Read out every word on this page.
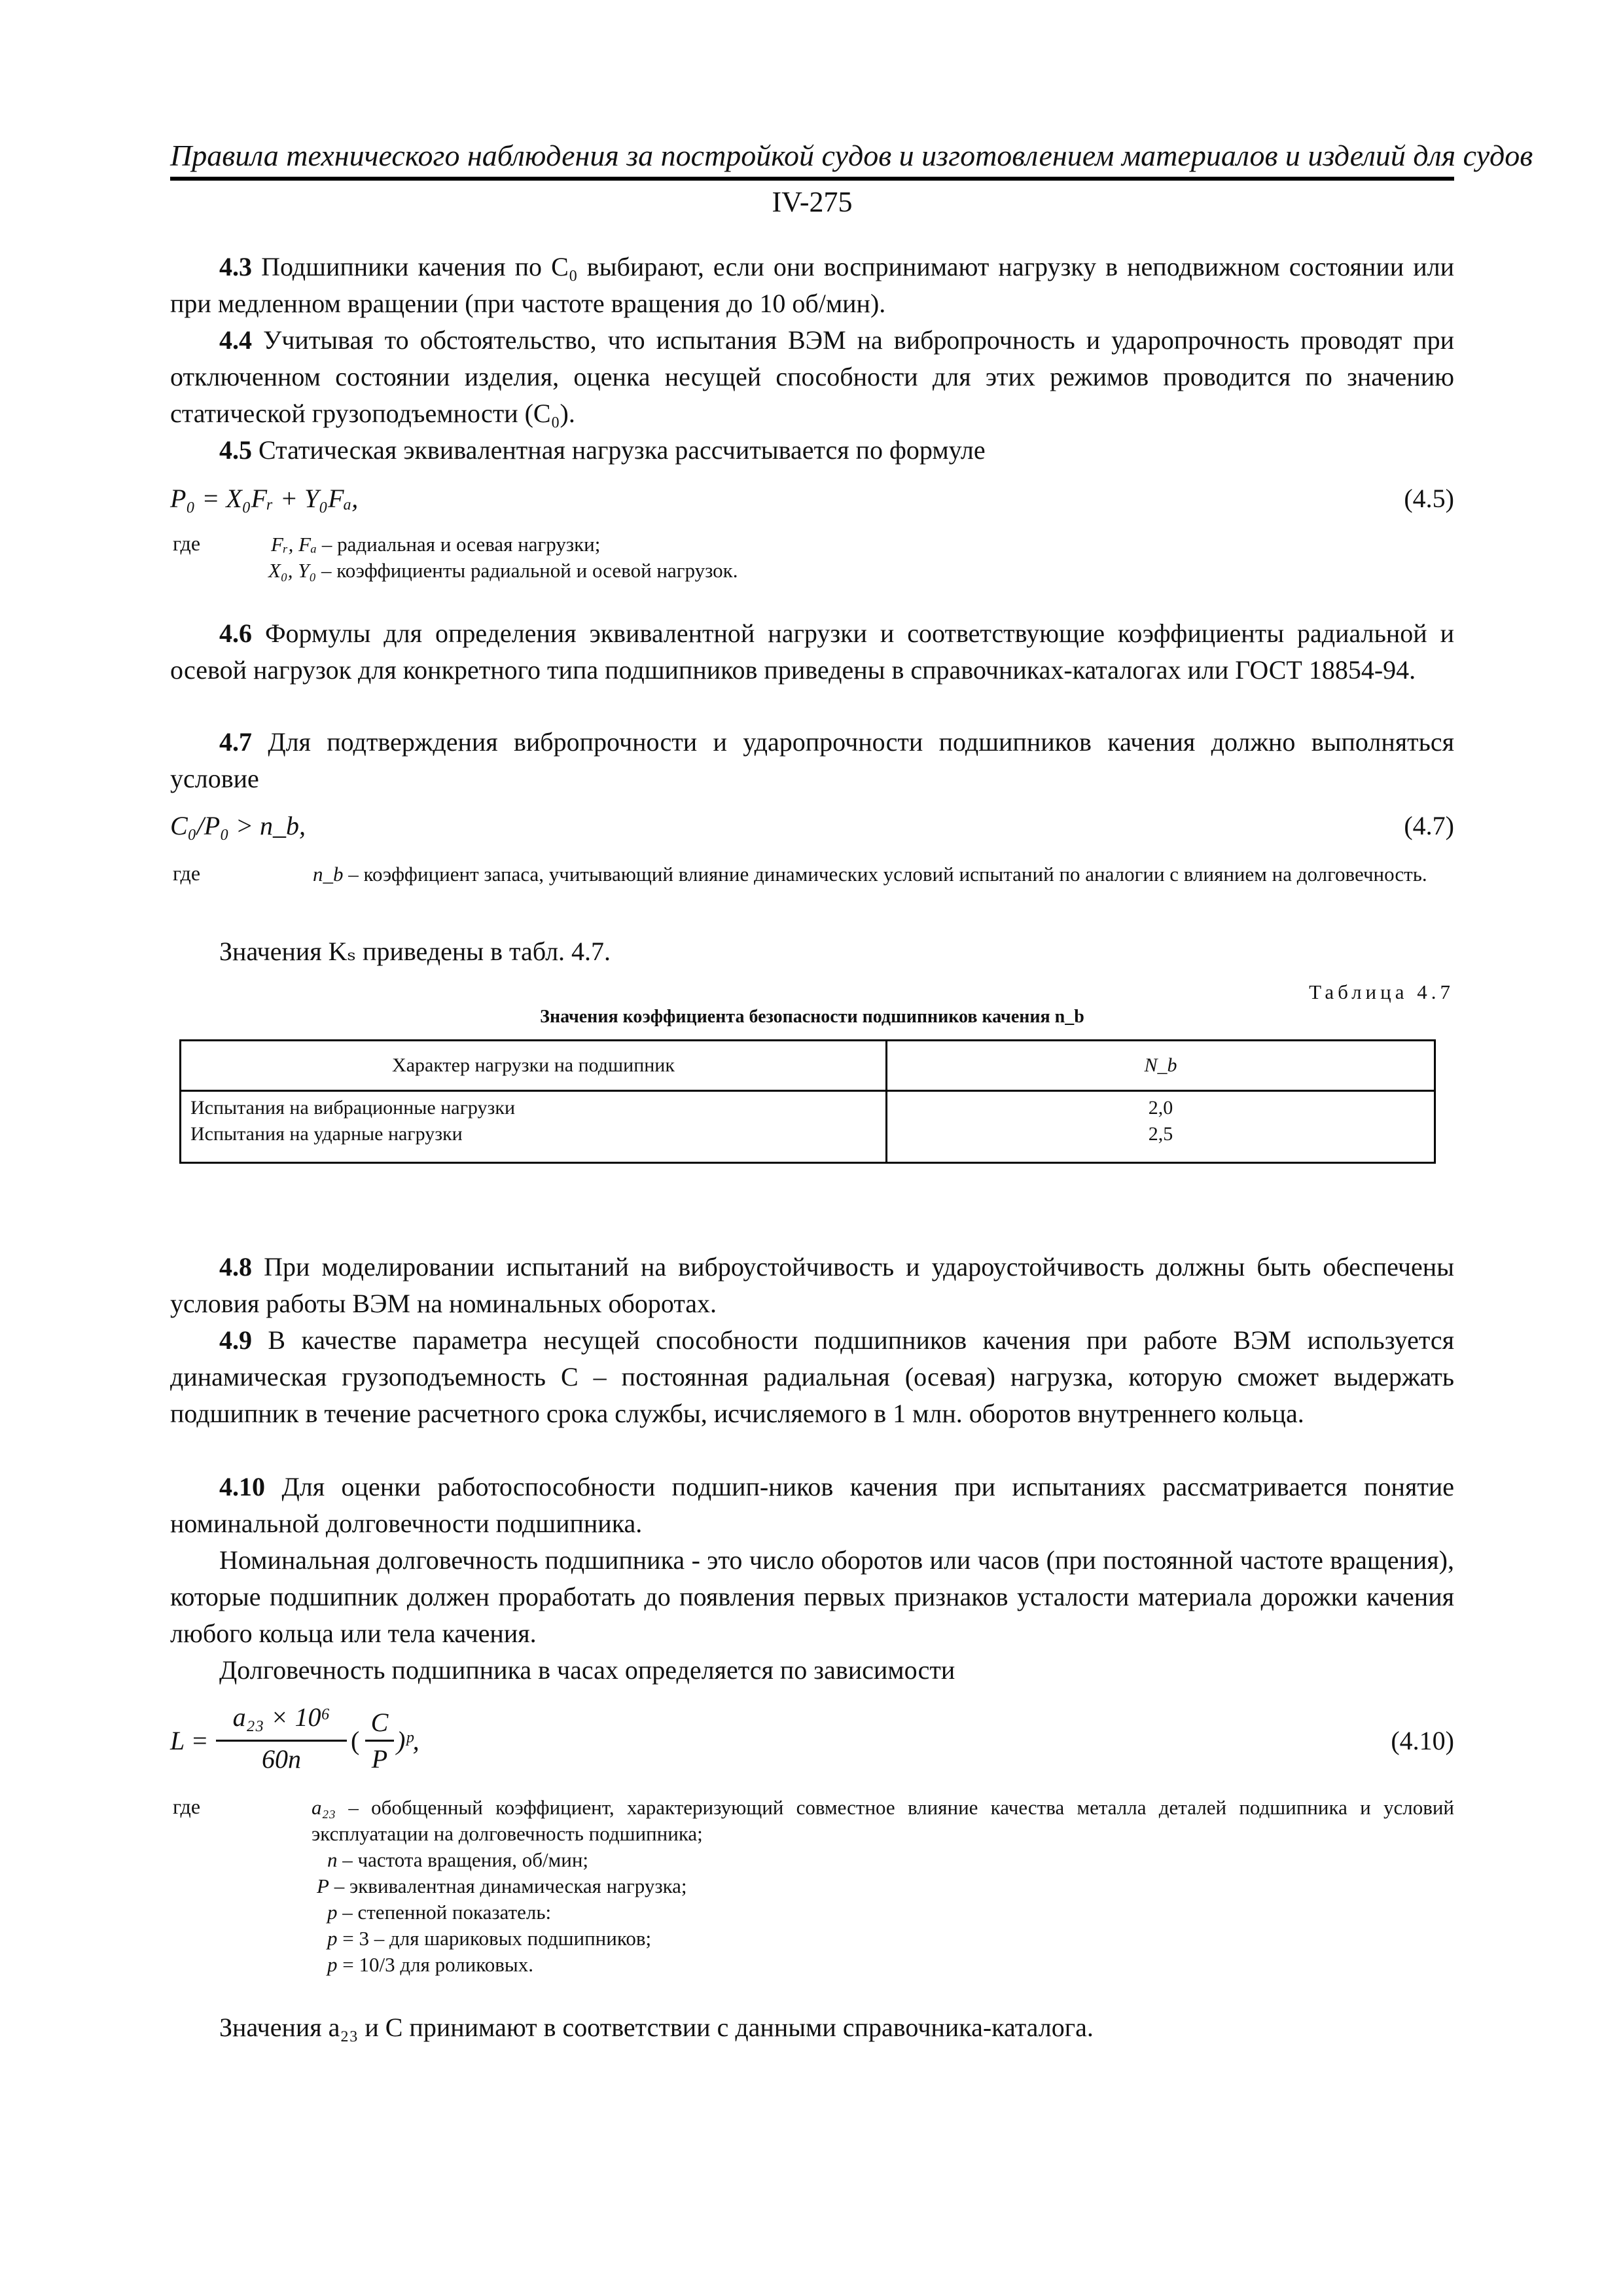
Правила технического наблюдения за постройкой судов и изготовлением материалов и изделий для судов
IV-275

4.3 Подшипники качения по С₀ выбирают, если они воспринимают нагрузку в неподвижном состоянии или при медленном вращении (при частоте вращения до 10 об/мин).

4.4 Учитывая то обстоятельство, что испытания ВЭМ на вибропрочность и ударопрочность проводят при отключенном состоянии изделия, оценка несущей способности для этих режимов проводится по значению статической грузоподъемности (С₀).

4.5 Статическая эквивалентная нагрузка рассчитывается по формуле

P₀ = X₀Fᵣ + Y₀Fₐ,	(4.5)
где	Fᵣ, Fₐ – радиальная и осевая нагрузки;
X₀, Y₀ – коэффициенты радиальной и осевой нагрузок.

4.6 Формулы для определения эквивалентной нагрузки и соответствующие коэффициенты радиальной и осевой нагрузок для конкретного типа подшипников приведены в справочниках-каталогах или ГОСТ 18854-94.

4.7 Для подтверждения вибропрочности и ударопрочности подшипников качения должно выполняться условие

C₀/P₀ > n_b,	(4.7)
где	n_b – коэффициент запаса, учитывающий влияние динамических условий испытаний по аналогии с влиянием на долговечность.

Значения Kₛ приведены в табл. 4.7.

Таблица 4.7
Значения коэффициента безопасности подшипников качения n_b
Характер нагрузки на подшипник	N_b
Испытания на вибрационные нагрузки	2,0
Испытания на ударные нагрузки	2,5

4.8 При моделировании испытаний на виброустойчивость и удароустойчивость должны быть обеспечены условия работы ВЭМ на номинальных оборотах.

4.9 В качестве параметра несущей способности подшипников качения при работе ВЭМ используется динамическая грузоподъемность C – постоянная радиальная (осевая) нагрузка, которую сможет выдержать подшипник в течение расчетного срока службы, исчисляемого в 1 млн. оборотов внутреннего кольца.

4.10 Для оценки работоспособности подшип-ников качения при испытаниях рассматривается понятие номинальной долговечности подшипника.

Номинальная долговечность подшипника - это число оборотов или часов (при постоянной частоте вращения), которые подшипник должен проработать до появления первых признаков усталости материала дорожки качения любого кольца или тела качения.

Долговечность подшипника в часах определяется по зависимости

L =
a₂₃ × 10⁶
60n
(
C
P
)ᵖ,	(4.10)
где	a₂₃ – обобщенный коэффициент, характеризующий совместное влияние качества металла деталей подшипника и условий эксплуатации на долговечность подшипника;
n – частота вращения, об/мин;
P – эквивалентная динамическая нагрузка;
p – степенной показатель:
p = 3 – для шариковых подшипников;
p = 10/3 для роликовых.

Значения a₂₃ и C принимают в соответствии с данными справочника-каталога.
